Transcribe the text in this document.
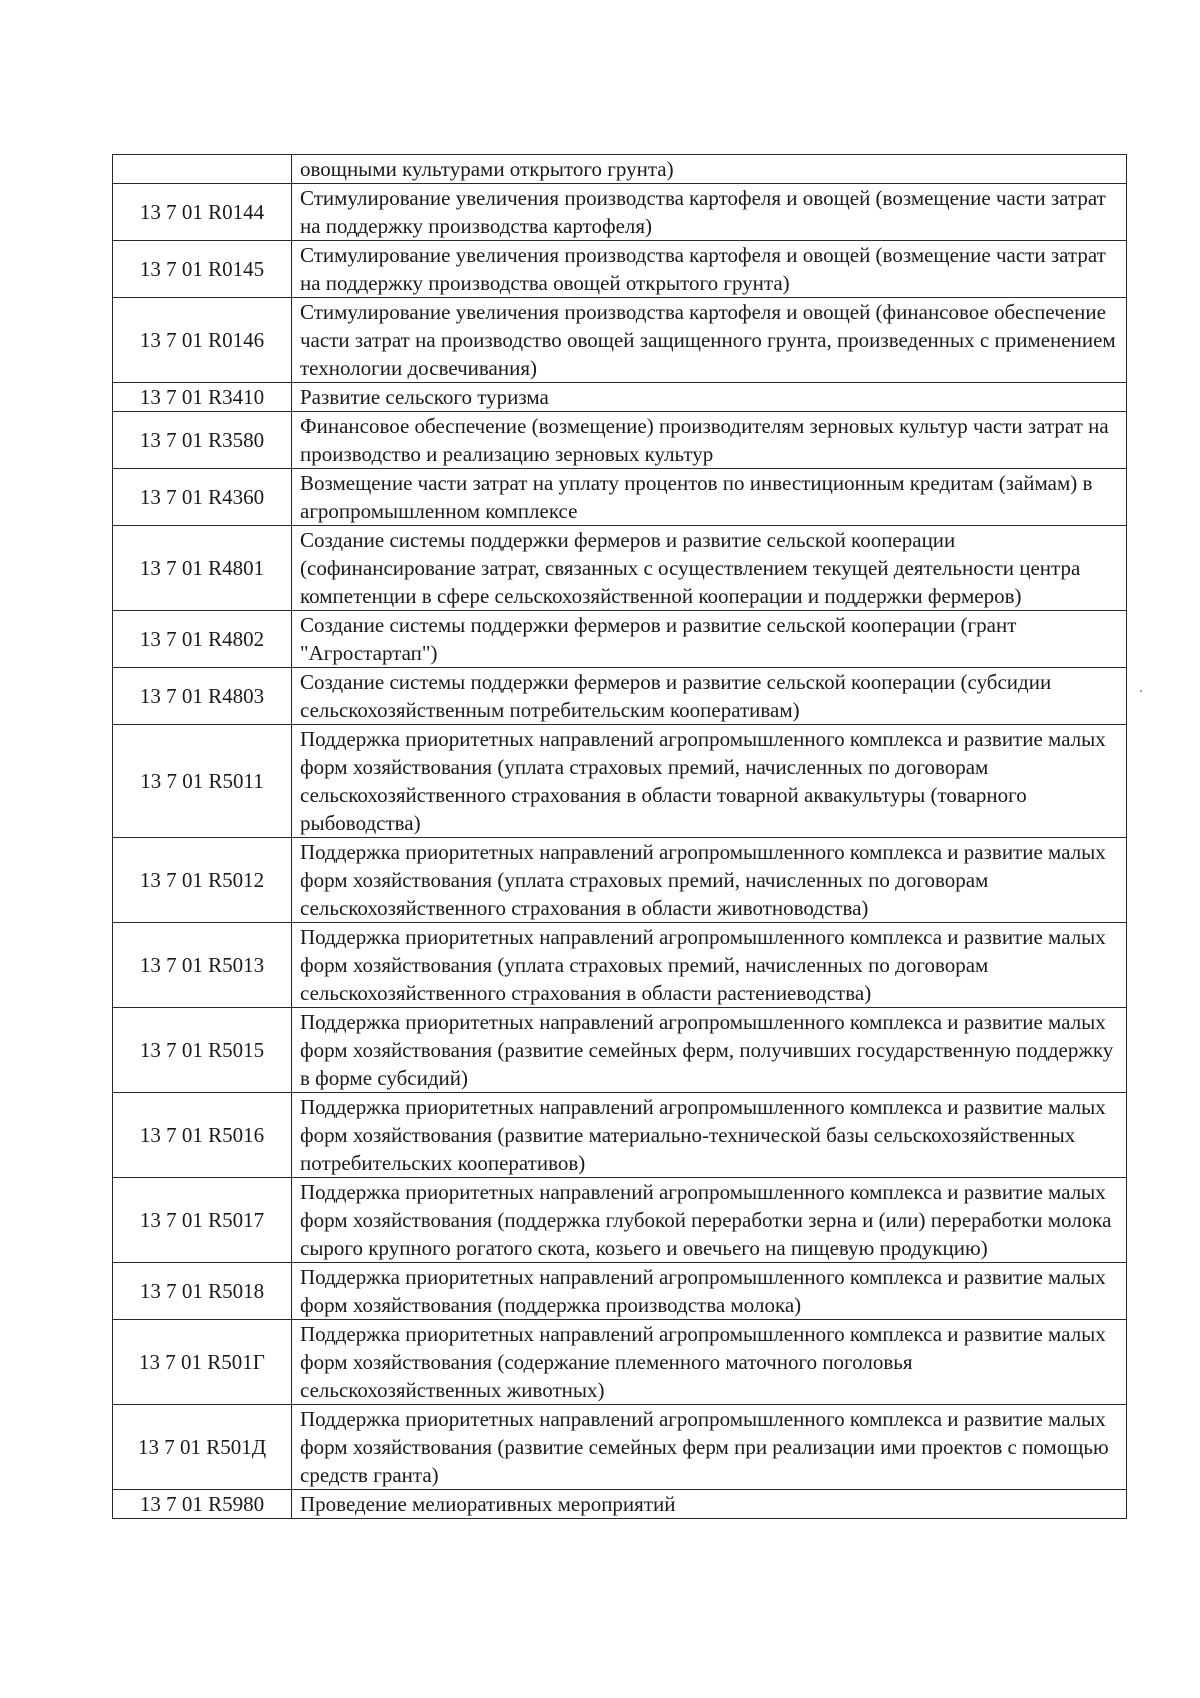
	овощными культурами открытого грунта)
13 7 01 R0144	Стимулирование увеличения производства картофеля и овощей (возмещение части затрат на поддержку производства картофеля)
13 7 01 R0145	Стимулирование увеличения производства картофеля и овощей (возмещение части затрат на поддержку производства овощей открытого грунта)
13 7 01 R0146	Стимулирование увеличения производства картофеля и овощей (финансовое обеспечение части затрат на производство овощей защищенного грунта, произведенных с применением технологии досвечивания)
13 7 01 R3410	Развитие сельского туризма
13 7 01 R3580	Финансовое обеспечение (возмещение) производителям зерновых культур части затрат на производство и реализацию зерновых культур
13 7 01 R4360	Возмещение части затрат на уплату процентов по инвестиционным кредитам (займам) в агропромышленном комплексе
13 7 01 R4801	Создание системы поддержки фермеров и развитие сельской кооперации (софинансирование затрат, связанных с осуществлением текущей деятельности центра компетенции в сфере сельскохозяйственной кооперации и поддержки фермеров)
13 7 01 R4802	Создание системы поддержки фермеров и развитие сельской кооперации (грант "Агростартап")
13 7 01 R4803	Создание системы поддержки фермеров и развитие сельской кооперации (субсидии сельскохозяйственным потребительским кооперативам)
13 7 01 R5011	Поддержка приоритетных направлений агропромышленного комплекса и развитие малых форм хозяйствования (уплата страховых премий, начисленных по договорам сельскохозяйственного страхования в области товарной аквакультуры (товарного рыбоводства)
13 7 01 R5012	Поддержка приоритетных направлений агропромышленного комплекса и развитие малых форм хозяйствования (уплата страховых премий, начисленных по договорам сельскохозяйственного страхования в области животноводства)
13 7 01 R5013	Поддержка приоритетных направлений агропромышленного комплекса и развитие малых форм хозяйствования (уплата страховых премий, начисленных по договорам сельскохозяйственного страхования в области растениеводства)
13 7 01 R5015	Поддержка приоритетных направлений агропромышленного комплекса и развитие малых форм хозяйствования (развитие семейных ферм, получивших государственную поддержку в форме субсидий)
13 7 01 R5016	Поддержка приоритетных направлений агропромышленного комплекса и развитие малых форм хозяйствования (развитие материально-технической базы сельскохозяйственных потребительских кооперативов)
13 7 01 R5017	Поддержка приоритетных направлений агропромышленного комплекса и развитие малых форм хозяйствования (поддержка глубокой переработки зерна и (или) переработки молока сырого крупного рогатого скота, козьего и овечьего на пищевую продукцию)
13 7 01 R5018	Поддержка приоритетных направлений агропромышленного комплекса и развитие малых форм хозяйствования (поддержка производства молока)
13 7 01 R501Г	Поддержка приоритетных направлений агропромышленного комплекса и развитие малых форм хозяйствования (содержание племенного маточного поголовья сельскохозяйственных животных)
13 7 01 R501Д	Поддержка приоритетных направлений агропромышленного комплекса и развитие малых форм хозяйствования (развитие семейных ферм при реализации ими проектов с помощью средств гранта)
13 7 01 R5980	Проведение мелиоративных мероприятий
